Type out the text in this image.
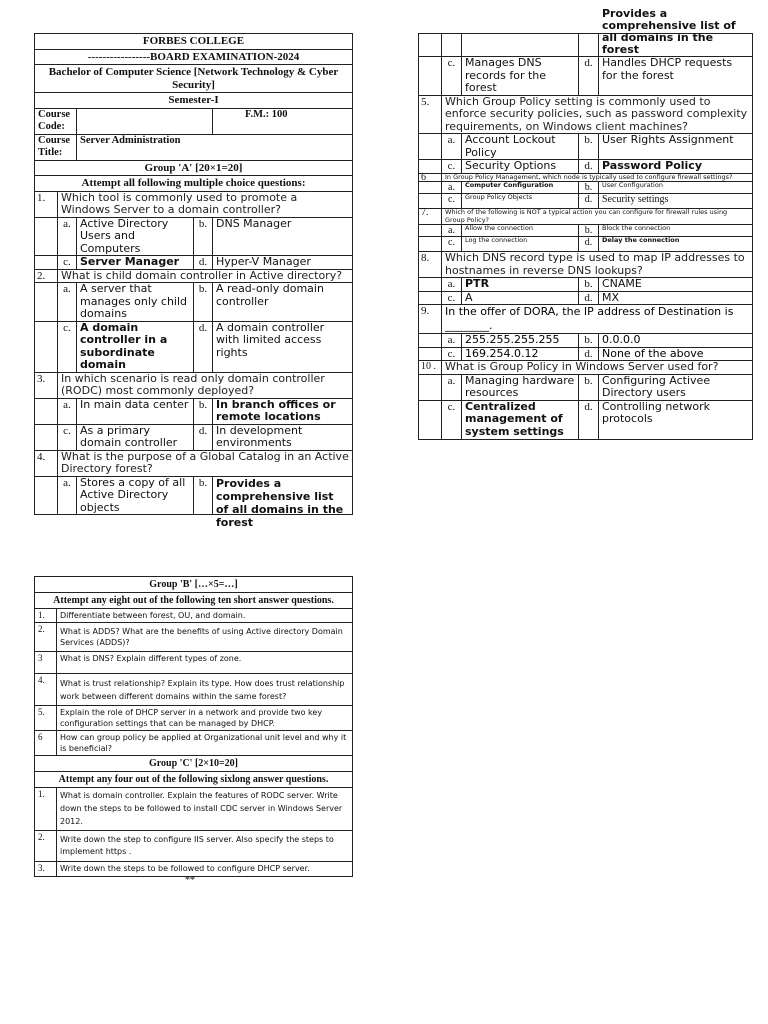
FORBES COLLEGE				
-----------------BOARD EXAMINATION-2024				
Bachelor of Computer Science [Network Technology & Cyber Security]				
Semester-I				
Course Code:				F.M.: 100
Course Title:		Server Administration		
Group 'A' [20×1=20]				
Attempt all following multiple choice questions:				
1.	Which tool is commonly used to promote a Windows Server to a domain controller?			
	a.	Active Directory Users and Computers	b.	DNS Manager
	c.	Server Manager	d.	Hyper-V Manager
2.	What is child domain controller in Active directory?			
	a.	A server that manages only child domains	b.	A read-only domain controller
	c.	A domain controller in a subordinate domain	d.	A domain controller with limited access rights
3.	In which scenario is read only domain controller (RODC) most commonly deployed?			
	a.	In main data center	b.	In branch offices or remote locations
	c.	As a primary domain controller	d.	In development environments
4.	What is the purpose of a Global Catalog in an Active Directory forest?			
	a.	Stores a copy of all Active Directory objects	b.	Provides a comprehensive list of all domains in the forest

				Provides a comprehensive list of all domains in the forest

	c.	Manages DNS records for the forest	d.	Handles DHCP requests for the forest
5.	Which Group Policy setting is commonly used to enforce security policies, such as password complexity requirements, on Windows client machines?			
	a.	Account Lockout Policy	b.	User Rights Assignment
	c.	Security Options	d.	Password Policy
6	In Group Policy Management, which node is typically used to configure firewall settings?			
	a.	Computer Configuration	b.	User Configuration
	c.	Group Policy Objects	d.	Security settings
7.	Which of the following is NOT a typical action you can configure for firewall rules using Group Policy?			
	a.	Allow the connection	b.	Block the connection
	c.	Log the connection	d.	Delay the connection
8.	Which DNS record type is used to map IP addresses to hostnames in reverse DNS lookups?			
	a.	PTR	b.	CNAME
	c.	A	d.	MX
9.	In the offer of DORA, the IP address of Destination is ________.			
	a.	255.255.255.255	b.	0.0.0.0
	c.	169.254.0.12	d.	None of the above
10 .	What is Group Policy in Windows Server used for?			
	a.	Managing hardware resources	b.	Configuring Activee Directory users
	c.	Centralized management of system settings	d.	Controlling network protocols
Group 'B' […×5=…]	
Attempt any eight out of the following ten short answer questions.	
1.	Differentiate between forest, OU, and domain.
2.	What is ADDS? What are the benefits of using Active directory Domain Services (ADDS)?
3	What is DNS? Explain different types of zone.
4.	What is trust relationship? Explain its type. How does trust relationship work between different domains within the same forest?
5.	Explain the role of DHCP server in a network and provide two key configuration settings that can be managed by DHCP.
6	How can group policy be applied at Organizational unit level and why it is beneficial?
Group 'C' [2×10=20]	
Attempt any four out of the following sixlong answer questions.	
1.	What is domain controller. Explain the features of RODC server. Write down the steps to be followed to install CDC server in Windows Server 2012.
2.	Write down the step to configure IIS server. Also specify the steps to implement https .
3.	Write down the steps to be followed to configure DHCP server.
**
